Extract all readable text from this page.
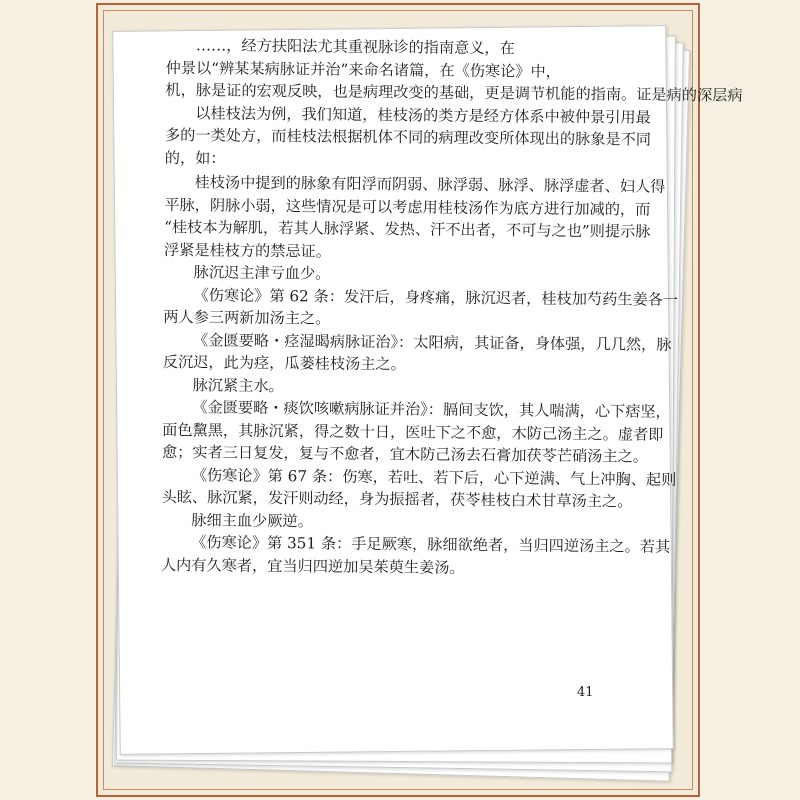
……，经方扶阳法尤其重视脉诊的指南意义，在

仲景以“辨某某病脉证并治”来命名诸篇，在《伤寒论》中，

机，脉是证的宏观反映，也是病理改变的基础，更是调节机能的指南。证是病的深层病

以桂枝法为例，我们知道，桂枝汤的类方是经方体系中被仲景引用最

多的一类处方，而桂枝法根据机体不同的病理改变所体现出的脉象是不同

的，如：

桂枝汤中提到的脉象有阳浮而阴弱、脉浮弱、脉浮、脉浮虚者、妇人得

平脉，阴脉小弱，这些情况是可以考虑用桂枝汤作为底方进行加减的，而

“桂枝本为解肌，若其人脉浮紧、发热、汗不出者，不可与之也”则提示脉

浮紧是桂枝方的禁忌证。

脉沉迟主津亏血少。

《伤寒论》第 62 条：发汗后，身疼痛，脉沉迟者，桂枝加芍药生姜各一

两人参三两新加汤主之。

《金匮要略・痉湿暍病脉证治》：太阳病，其证备，身体强，几几然，脉

反沉迟，此为痉，瓜蒌桂枝汤主之。

脉沉紧主水。

《金匮要略・痰饮咳嗽病脉证并治》：膈间支饮，其人喘满，心下痞坚，

面色黧黑，其脉沉紧，得之数十日，医吐下之不愈，木防己汤主之。虚者即

愈；实者三日复发，复与不愈者，宜木防己汤去石膏加茯苓芒硝汤主之。

《伤寒论》第 67 条：伤寒，若吐、若下后，心下逆满、气上冲胸、起则

头眩、脉沉紧，发汗则动经，身为振摇者，茯苓桂枝白术甘草汤主之。

脉细主血少厥逆。

《伤寒论》第 351 条：手足厥寒，脉细欲绝者，当归四逆汤主之。若其

人内有久寒者，宜当归四逆加吴茱萸生姜汤。

41
